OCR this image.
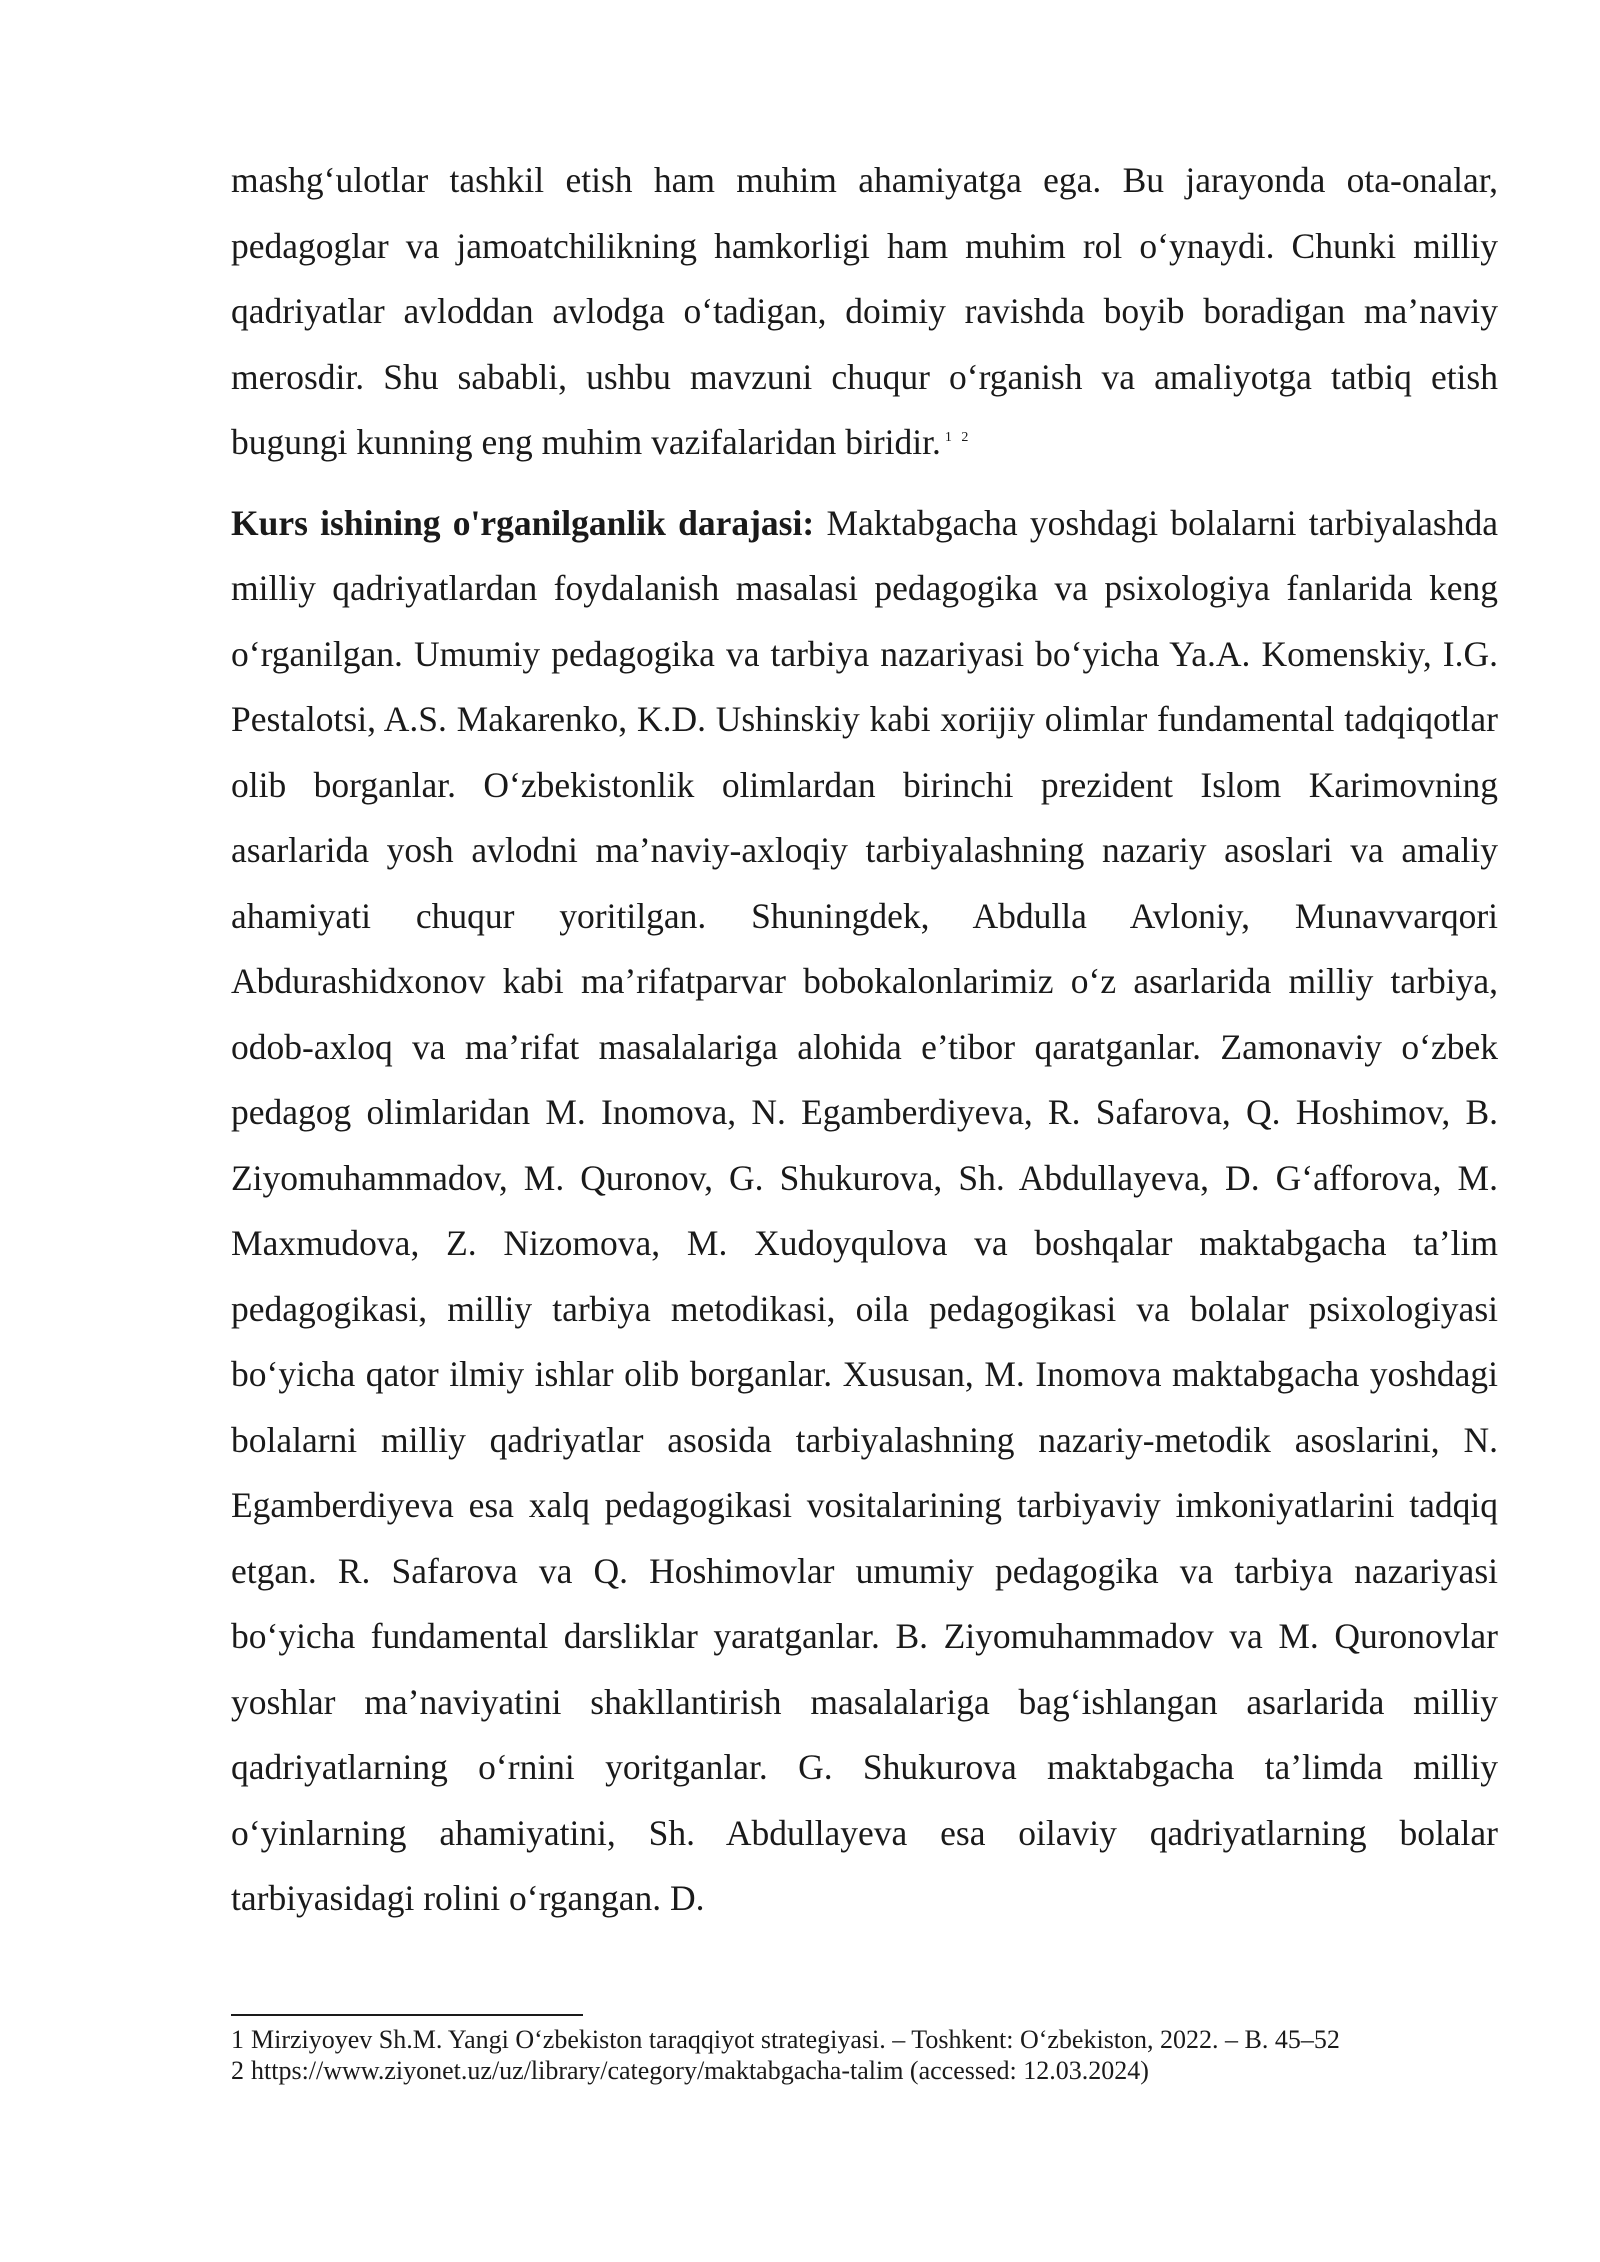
mashg‘ulotlar tashkil etish ham muhim ahamiyatga ega. Bu jarayonda ota-onalar, pedagoglar va jamoatchilikning hamkorligi ham muhim rol o‘ynaydi. Chunki milliy qadriyatlar avloddan avlodga o‘tadigan, doimiy ravishda boyib boradigan ma’naviy merosdir. Shu sababli, ushbu mavzuni chuqur o‘rganish va amaliyotga tatbiq etish bugungi kunning eng muhim vazifalaridan biridir. $^{1 2}$

Kurs ishining o'rganilganlik darajasi: Maktabgacha yoshdagi bolalarni tarbiyalashda milliy qadriyatlardan foydalanish masalasi pedagogika va psixologiya fanlarida keng o‘rganilgan. Umumiy pedagogika va tarbiya nazariyasi bo‘yicha Ya.A. Komenskiy, I.G. Pestalotsi, A.S. Makarenko, K.D. Ushinskiy kabi xorijiy olimlar fundamental tadqiqotlar olib borganlar. O‘zbekistonlik olimlardan birinchi prezident Islom Karimovning asarlarida yosh avlodni ma’naviy-axloqiy tarbiyalashning nazariy asoslari va amaliy ahamiyati chuqur yoritilgan. Shuningdek, Abdulla Avloniy, Munavvarqori Abdurashidxonov kabi ma’rifatparvar bobokalonlarimiz o‘z asarlarida milliy tarbiya, odob-axloq va ma’rifat masalalariga alohida e’tibor qaratganlar. Zamonaviy o‘zbek pedagog olimlaridan M. Inomova, N. Egamberdiyeva, R. Safarova, Q. Hoshimov, B. Ziyomuhammadov, M. Quronov, G. Shukurova, Sh. Abdullayeva, D. G‘afforova, M. Maxmudova, Z. Nizomova, M. Xudoyqulova va boshqalar maktabgacha ta’lim pedagogikasi, milliy tarbiya metodikasi, oila pedagogikasi va bolalar psixologiyasi bo‘yicha qator ilmiy ishlar olib borganlar. Xususan, M. Inomova maktabgacha yoshdagi bolalarni milliy qadriyatlar asosida tarbiyalashning nazariy-metodik asoslarini, N. Egamberdiyeva esa xalq pedagogikasi vositalarining tarbiyaviy imkoniyatlarini tadqiq etgan. R. Safarova va Q. Hoshimovlar umumiy pedagogika va tarbiya nazariyasi bo‘yicha fundamental darsliklar yaratganlar. B. Ziyomuhammadov va M. Quronovlar yoshlar ma’naviyatini shakllantirish masalalariga bag‘ishlangan asarlarida milliy qadriyatlarning o‘rnini yoritganlar. G. Shukurova maktabgacha ta’limda milliy o‘yinlarning ahamiyatini, Sh. Abdullayeva esa oilaviy qadriyatlarning bolalar tarbiyasidagi rolini o‘rgangan. D.

1 Mirziyoyev Sh.M. Yangi O‘zbekiston taraqqiyot strategiyasi. – Toshkent: O‘zbekiston, 2022. – B. 45–52
2 https://www.ziyonet.uz/uz/library/category/maktabgacha-talim (accessed: 12.03.2024)
